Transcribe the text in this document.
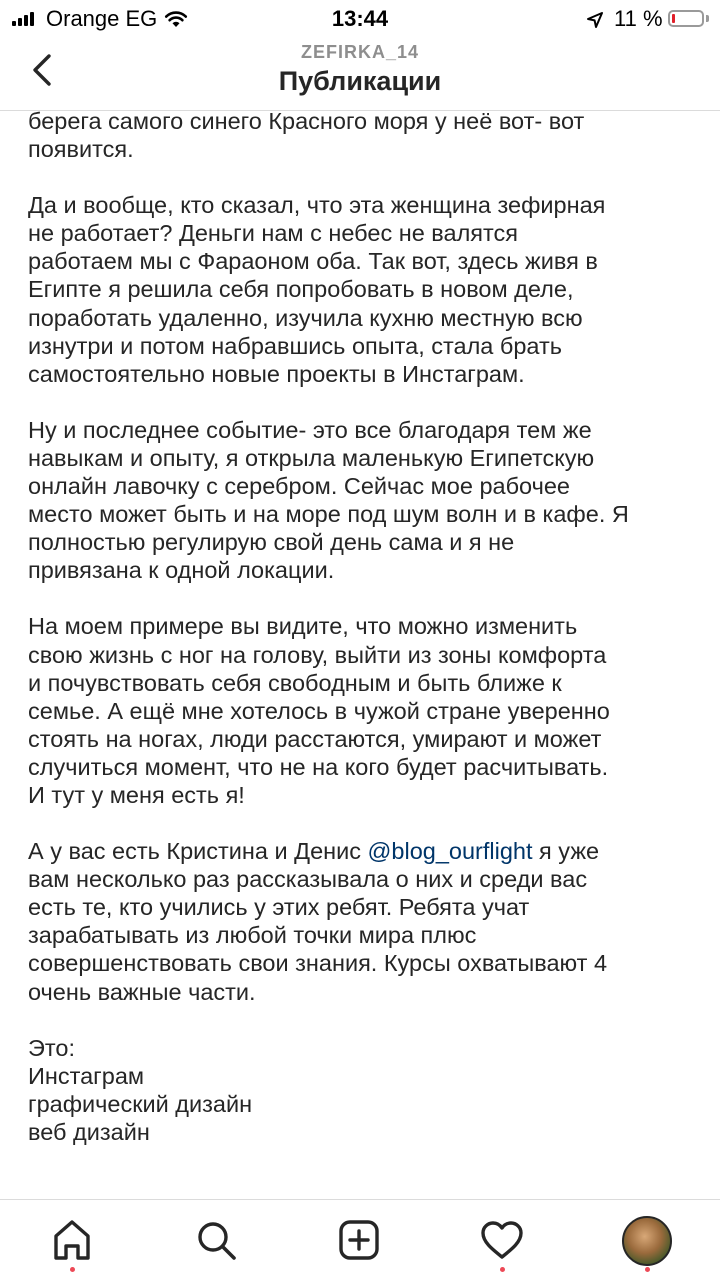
Orange EG	13:44	11 %
ZEFIRKA_14
Публикации

берега самого синего Красного моря у неё вот- вот
появится.

Да и вообще, кто сказал, что эта женщина зефирная
не работает? Деньги нам с небес не валятся
работаем мы с Фараоном оба. Так вот, здесь живя в
Египте я решила себя попробовать в новом деле,
поработать удаленно, изучила кухню местную всю
изнутри и потом набравшись опыта, стала брать
самостоятельно новые проекты в Инстаграм.

Ну и последнее событие- это все благодаря тем же
навыкам и опыту, я открыла маленькую Египетскую
онлайн лавочку с серебром. Сейчас мое рабочее
место может быть и на море под шум волн и в кафе. Я
полностью регулирую свой день сама и я не
привязана к одной локации.

На моем примере вы видите, что можно изменить
свою жизнь с ног на голову, выйти из зоны комфорта
и почувствовать себя свободным и быть ближе к
семье. А ещё мне хотелось в чужой стране уверенно
стоять на ногах, люди расстаются, умирают и может
случиться момент, что не на кого будет расчитывать.
И тут у меня есть я!

А у вас есть Кристина и Денис @blog_ourflight я уже
вам несколько раз рассказывала о них и среди вас
есть те, кто учились у этих ребят. Ребята учат
зарабатывать из любой точки мира плюс
совершенствовать свои знания. Курсы охватывают 4
очень важные части.

Это:
Инстаграм
графический дизайн
веб дизайн
